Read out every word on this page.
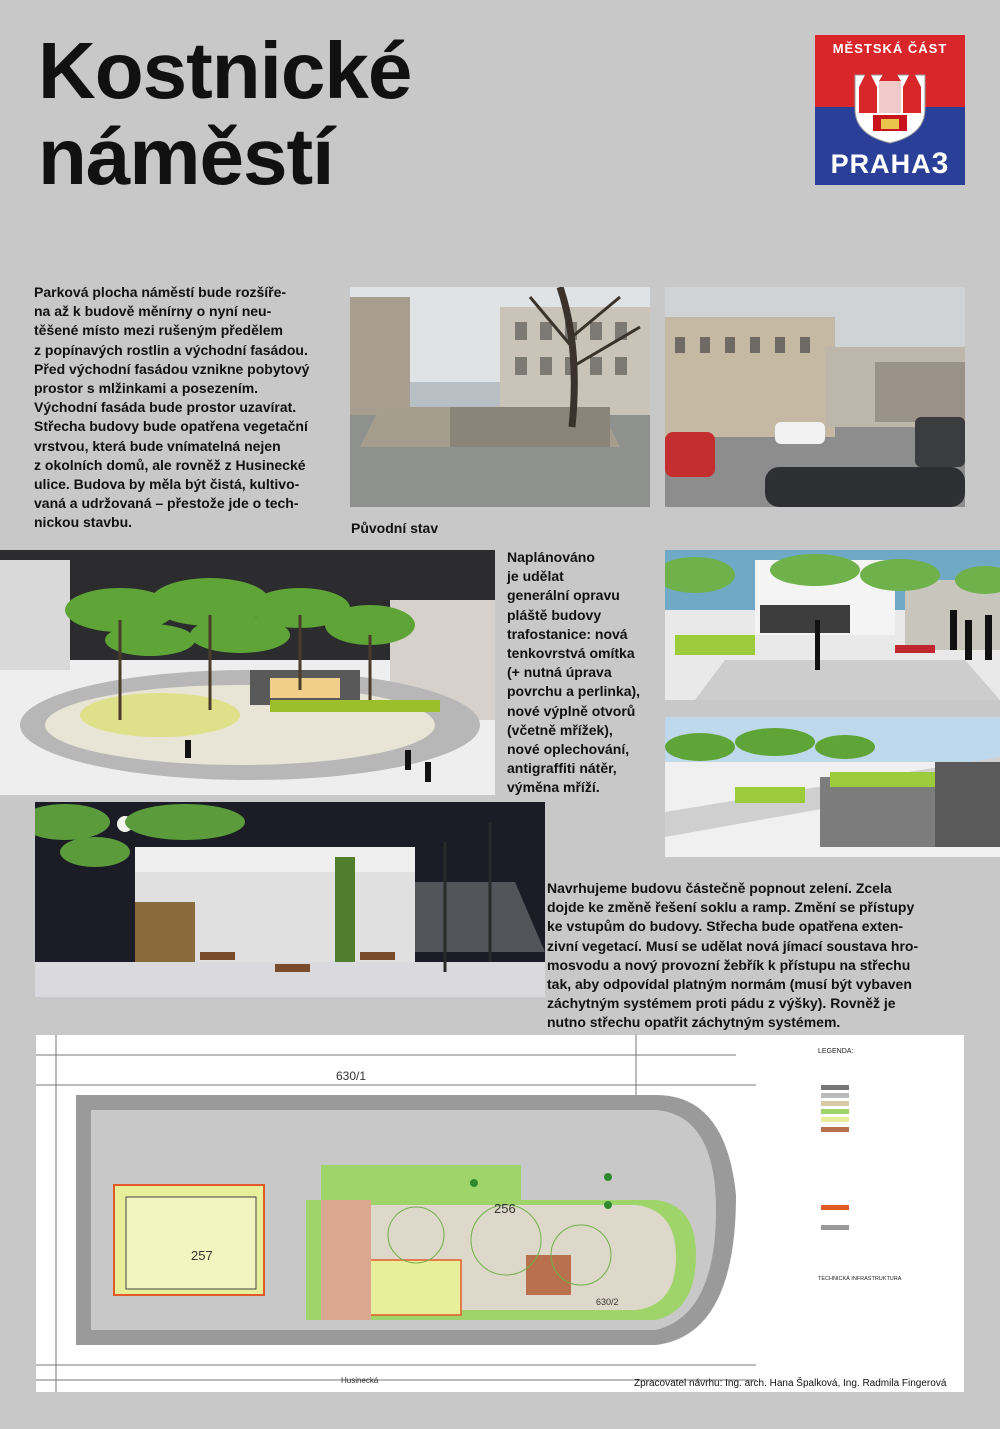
Kostnické
náměstí
MĚSTSKÁ ČÁST
PRAHA3
Parková plocha náměstí bude rozšíře-
na až k budově měnírny o nyní neu-
těšené místo mezi rušeným předělem
z popínavých rostlin a východní fasádou.
Před východní fasádou vznikne pobytový
prostor s mlžinkami a posezením.
Východní fasáda bude prostor uzavírat.
Střecha budovy bude opatřena vegetační
vrstvou, která bude vnímatelná nejen
z okolních domů, ale rovněž z Husinecké
ulice. Budova by měla být čistá, kultivo-
vaná a udržovaná – přestože jde o tech-
nickou stavbu.	Původní stav
Naplánováno
je udělat
generální opravu
pláště budovy
trafostanice: nová
tenkovrstvá omítka
(+ nutná úprava
povrchu a perlinka),
nové výplně otvorů
(včetně mřížek),
nové oplechování,
antigraffiti nátěr,
výměna mříží.
Navrhujeme budovu částečně popnout zelení. Zcela
dojde ke změně řešení soklu a ramp. Změní se přístupy
ke vstupům do budovy. Střecha bude opatřena exten-
zivní vegetací. Musí se udělat nová jímací soustava hro-
mosvodu a nový provozní žebřík k přístupu na střechu
tak, aby odpovídal platným normám (musí být vybaven
záchytným systémem proti pádu z výšky). Rovněž je
nutno střechu opatřit záchytným systémem.
257
256
630/1
630/2
Husinecká
LEGENDA:
TECHNICKÁ INFRASTRUKTURA
Zpracovatel návrhu: Ing. arch. Hana Špalková, Ing. Radmila Fingerová
